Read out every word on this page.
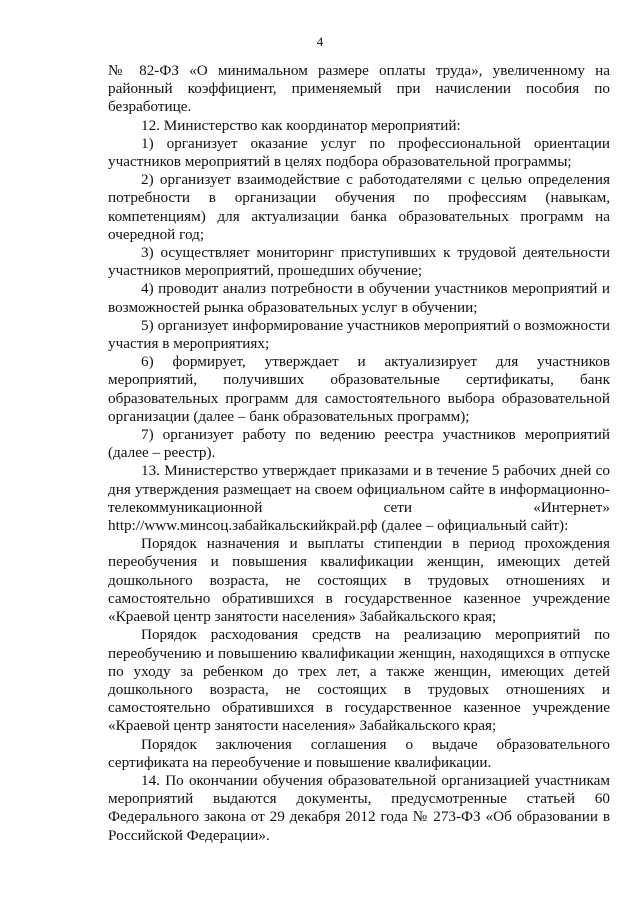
4

№ 82-ФЗ «О минимальном размере оплаты труда», увеличенному на районный коэффициент, применяемый при начислении пособия по безработице.

12. Министерство как координатор мероприятий:

1) организует оказание услуг по профессиональной ориентации участников мероприятий в целях подбора образовательной программы;

2) организует взаимодействие с работодателями с целью определения потребности в организации обучения по профессиям (навыкам, компетенциям) для актуализации банка образовательных программ на очередной год;

3) осуществляет мониторинг приступивших к трудовой деятельности участников мероприятий, прошедших обучение;

4) проводит анализ потребности в обучении участников мероприятий и возможностей рынка образовательных услуг в обучении;

5) организует информирование участников мероприятий о возможности участия в мероприятиях;

6) формирует, утверждает и актуализирует для участников мероприятий, получивших образовательные сертификаты, банк образовательных программ для самостоятельного выбора образовательной организации (далее – банк образовательных программ);

7) организует работу по ведению реестра участников мероприятий (далее – реестр).

13. Министерство утверждает приказами и в течение 5 рабочих дней со дня утверждения размещает на своем официальном сайте в информационно-телекоммуникационной сети «Интернет» http://www.минсоц.забайкальскийкрай.рф (далее – официальный сайт):

Порядок назначения и выплаты стипендии в период прохождения переобучения и повышения квалификации женщин, имеющих детей дошкольного возраста, не состоящих в трудовых отношениях и самостоятельно обратившихся в государственное казенное учреждение «Краевой центр занятости населения» Забайкальского края;

Порядок расходования средств на реализацию мероприятий по переобучению и повышению квалификации женщин, находящихся в отпуске по уходу за ребенком до трех лет, а также женщин, имеющих детей дошкольного возраста, не состоящих в трудовых отношениях и самостоятельно обратившихся в государственное казенное учреждение «Краевой центр занятости населения» Забайкальского края;

Порядок заключения соглашения о выдаче образовательного сертификата на переобучение и повышение квалификации.

14. По окончании обучения образовательной организацией участникам мероприятий выдаются документы, предусмотренные статьей 60 Федерального закона от 29 декабря 2012 года № 273-ФЗ «Об образовании в Российской Федерации».
